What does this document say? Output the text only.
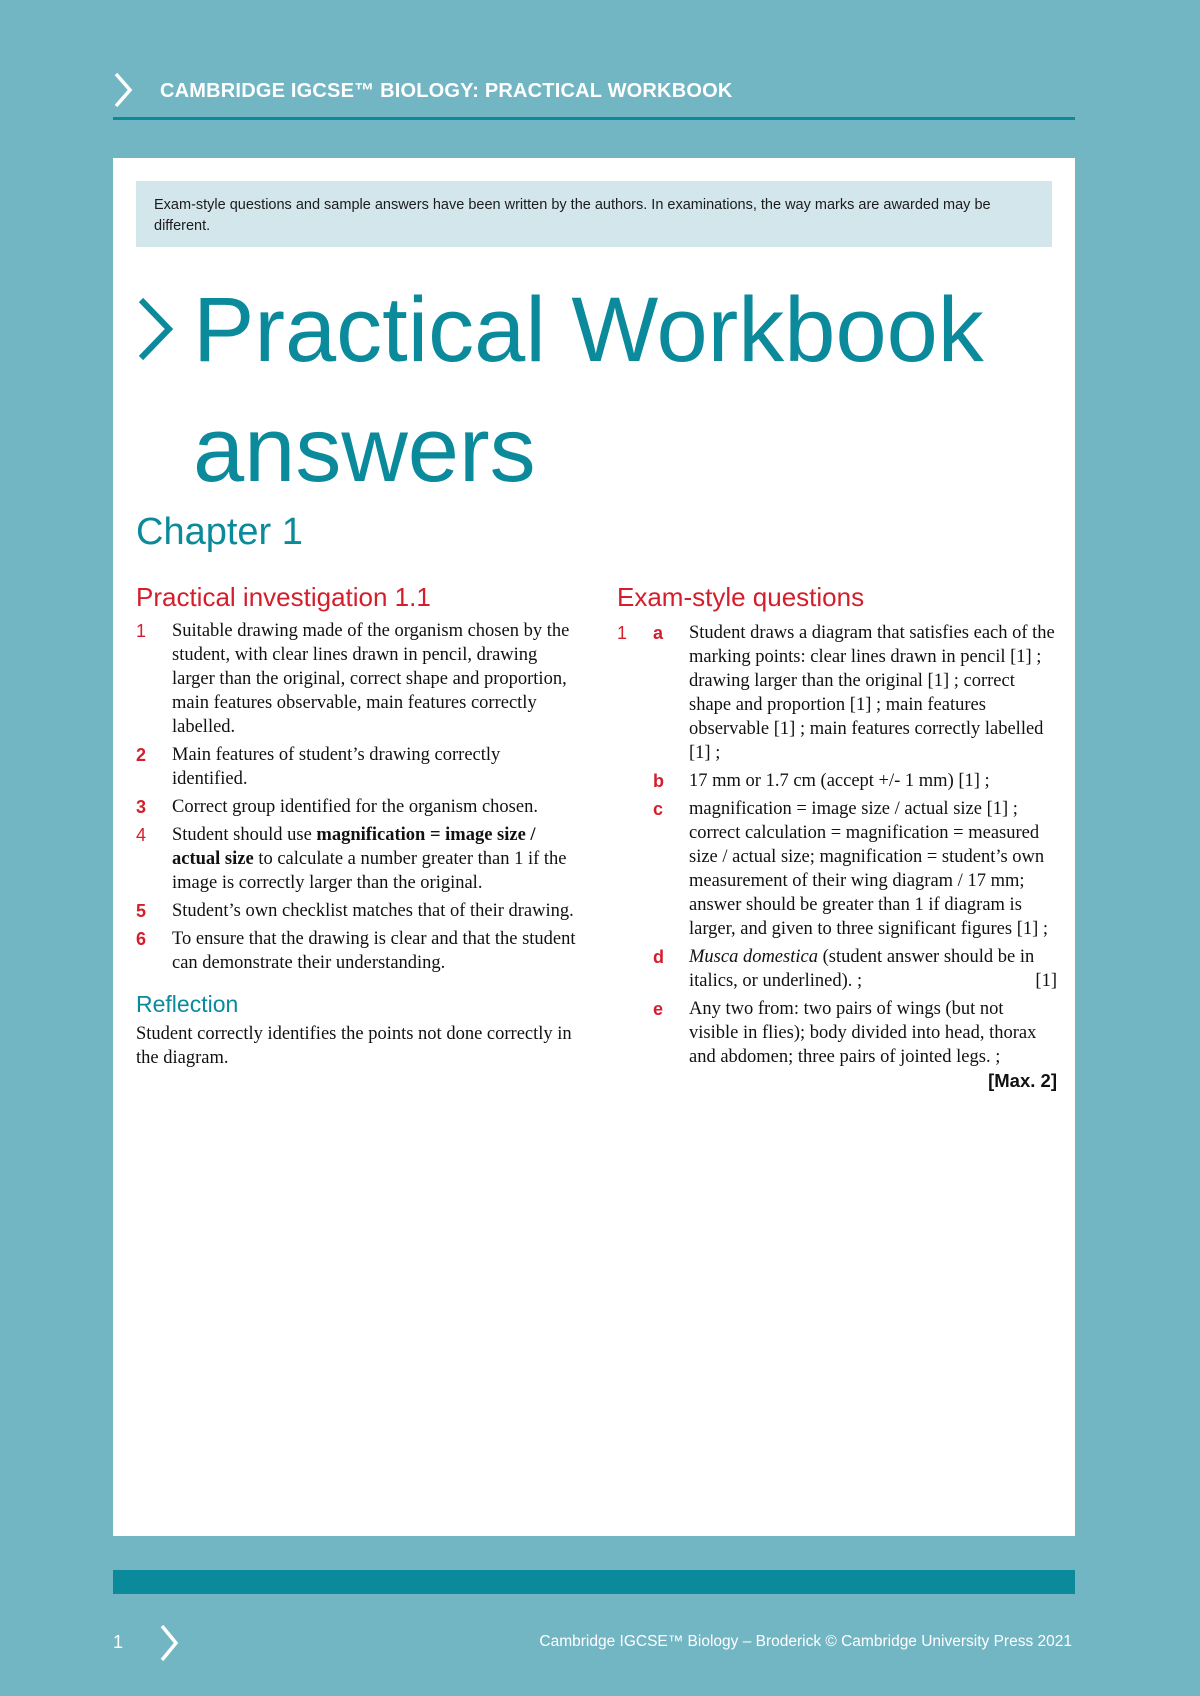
CAMBRIDGE IGCSE™ BIOLOGY: PRACTICAL WORKBOOK
Exam-style questions and sample answers have been written by the authors. In examinations, the way marks are awarded may be different.
Practical Workbook
answers
Chapter 1
Practical investigation 1.1
1 Suitable drawing made of the organism chosen by the student, with clear lines drawn in pencil, drawing larger than the original, correct shape and proportion, main features observable, main features correctly labelled.
2 Main features of student’s drawing correctly identified.
3 Correct group identified for the organism chosen.
4 Student should use magnification = image size / actual size to calculate a number greater than 1 if the image is correctly larger than the original.
5 Student’s own checklist matches that of their drawing.
6 To ensure that the drawing is clear and that the student can demonstrate their understanding.
Reflection
Student correctly identifies the points not done correctly in the diagram.
Exam-style questions
1 a Student draws a diagram that satisfies each of the marking points: clear lines drawn in pencil [1] ; drawing larger than the original [1] ; correct shape and proportion [1] ; main features observable [1] ; main features correctly labelled [1] ;
b 17 mm or 1.7 cm (accept +/- 1 mm) [1] ;
c magnification = image size / actual size [1] ; correct calculation = magnification = measured size / actual size; magnification = student’s own measurement of their wing diagram / 17 mm; answer should be greater than 1 if diagram is larger, and given to three significant figures [1] ;
d Musca domestica (student answer should be in italics, or underlined). ;	[1]
e Any two from: two pairs of wings (but not visible in flies); body divided into head, thorax and abdomen; three pairs of jointed legs. ;
[Max. 2]
1	Cambridge IGCSE™ Biology – Broderick © Cambridge University Press 2021
